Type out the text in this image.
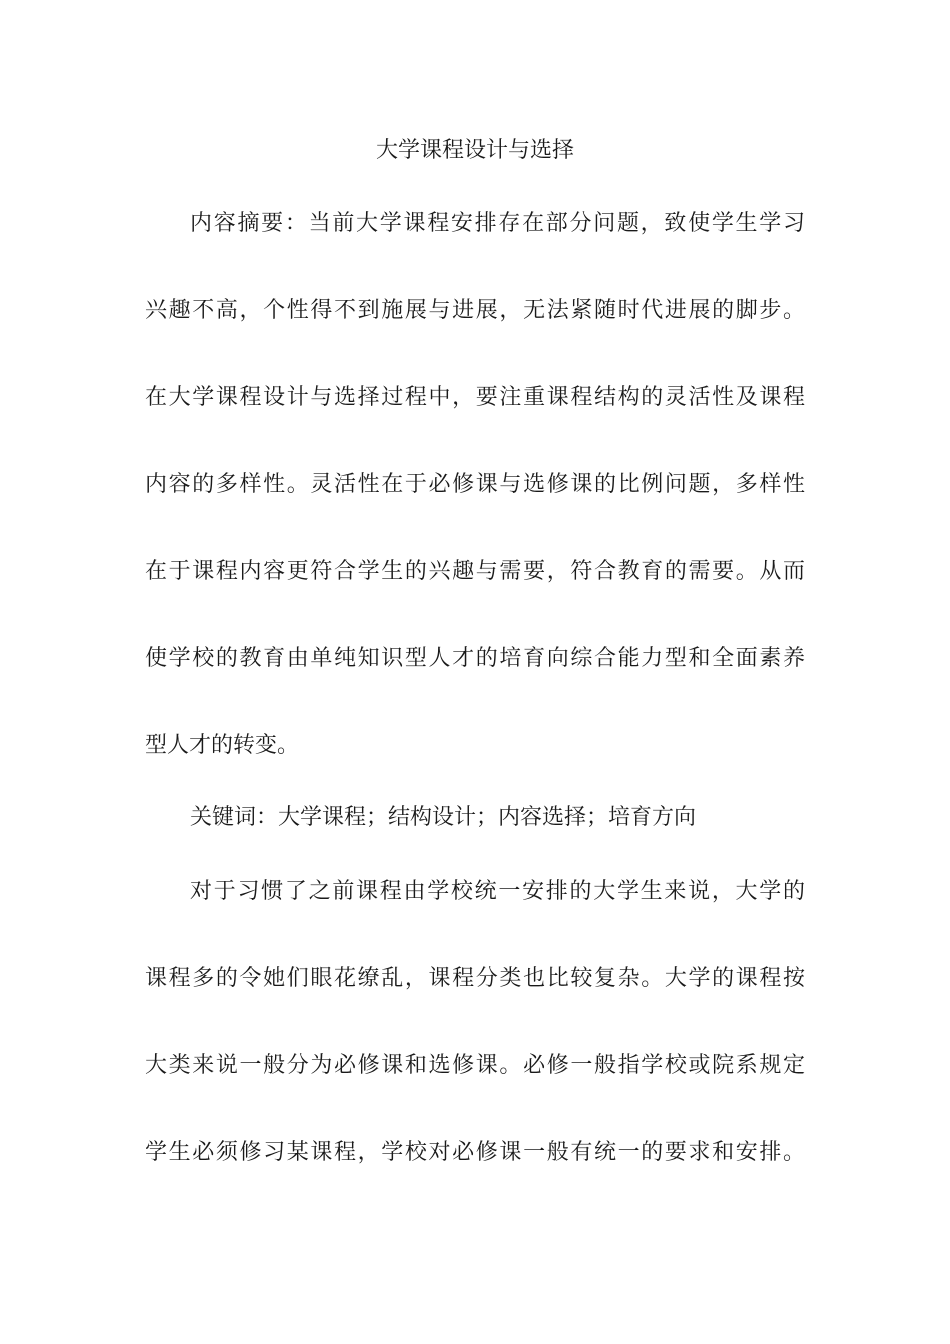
大学课程设计与选择
内容摘要：当前大学课程安排存在部分问题，致使学生学习
兴趣不高，个性得不到施展与进展，无法紧随时代进展的脚步。
在大学课程设计与选择过程中，要注重课程结构的灵活性及课程
内容的多样性。灵活性在于必修课与选修课的比例问题，多样性
在于课程内容更符合学生的兴趣与需要，符合教育的需要。从而
使学校的教育由单纯知识型人才的培育向综合能力型和全面素养
型人才的转变。
关键词：大学课程；结构设计；内容选择；培育方向
对于习惯了之前课程由学校统一安排的大学生来说，大学的
课程多的令她们眼花缭乱，课程分类也比较复杂。大学的课程按
大类来说一般分为必修课和选修课。必修一般指学校或院系规定
学生必须修习某课程，学校对必修课一般有统一的要求和安排。
